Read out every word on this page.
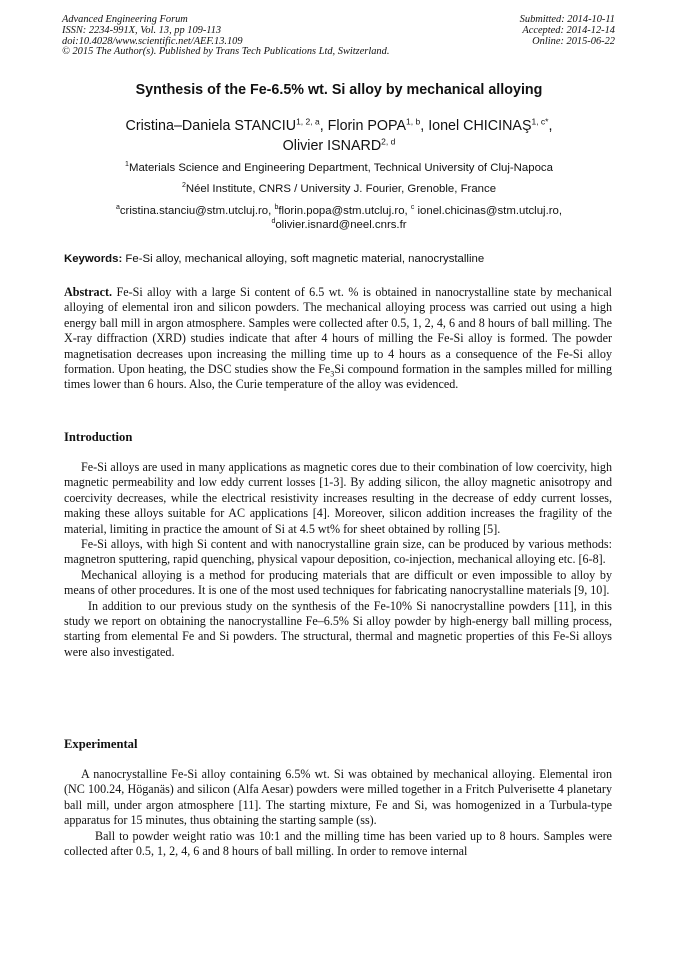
Advanced Engineering Forum
ISSN: 2234-991X, Vol. 13, pp 109-113
doi:10.4028/www.scientific.net/AEF.13.109
© 2015 The Author(s). Published by Trans Tech Publications Ltd, Switzerland.
Submitted: 2014-10-11
Accepted: 2014-12-14
Online: 2015-06-22
Synthesis of the Fe-6.5% wt. Si alloy by mechanical alloying
Cristina–Daniela STANCIU$^{1, 2, a}$, Florin POPA$^{1, b}$, Ionel $CHICINAŞ^{1, c*}$,
Olivier ISNARD$^{2, d}$
$^1$Materials Science and Engineering Department, Technical University of Cluj-Napoca
$^2$Néel Institute, CNRS / University J. Fourier, Grenoble, France
$^a$cristina.stanciu@stm.utcluj.ro, $^b$florin.popa@stm.utcluj.ro, $^c$ ionel.chicinas@stm.utcluj.ro,
$^d$olivier.isnard@neel.cnrs.fr
Keywords: Fe-Si alloy, mechanical alloying, soft magnetic material, nanocrystalline

Abstract. Fe-Si alloy with a large Si content of 6.5 wt. % is obtained in nanocrystalline state by mechanical alloying of elemental iron and silicon powders. The mechanical alloying process was carried out using a high energy ball mill in argon atmosphere. Samples were collected after 0.5, 1, 2, 4, 6 and 8 hours of ball milling. The X-ray diffraction (XRD) studies indicate that after 4 hours of milling the Fe-Si alloy is formed. The powder magnetisation decreases upon increasing the milling time up to 4 hours as a consequence of the Fe-Si alloy formation. Upon heating, the DSC studies show the $Fe_3Si$ compound formation in the samples milled for milling times lower than 6 hours. Also, the Curie temperature of the alloy was evidenced.

Introduction

Fe-Si alloys are used in many applications as magnetic cores due to their combination of low coercivity, high magnetic permeability and low eddy current losses [1-3]. By adding silicon, the alloy magnetic anisotropy and coercivity decreases, while the electrical resistivity increases resulting in the decrease of eddy current losses, making these alloys suitable for AC applications [4]. Moreover, silicon addition increases the fragility of the material, limiting in practice the amount of Si at 4.5 wt% for sheet obtained by rolling [5].

Fe-Si alloys, with high Si content and with nanocrystalline grain size, can be produced by various methods: magnetron sputtering, rapid quenching, physical vapour deposition, co-injection, mechanical alloying etc. [6-8].

Mechanical alloying is a method for producing materials that are difficult or even impossible to alloy by means of other procedures. It is one of the most used techniques for fabricating nanocrystalline materials [9, 10].

In addition to our previous study on the synthesis of the Fe-10% Si nanocrystalline powders [11], in this study we report on obtaining the nanocrystalline Fe–6.5% Si alloy powder by high-energy ball milling process, starting from elemental Fe and Si powders. The structural, thermal and magnetic properties of this Fe-Si alloys were also investigated.

Experimental

A nanocrystalline Fe-Si alloy containing 6.5% wt. Si was obtained by mechanical alloying. Elemental iron (NC 100.24, Höganäs) and silicon (Alfa Aesar) powders were milled together in a Fritch Pulverisette 4 planetary ball mill, under argon atmosphere [11]. The starting mixture, Fe and Si, was homogenized in a Turbula-type apparatus for 15 minutes, thus obtaining the starting sample (ss).

Ball to powder weight ratio was 10:1 and the milling time has been varied up to 8 hours. Samples were collected after 0.5, 1, 2, 4, 6 and 8 hours of ball milling. In order to remove internal
